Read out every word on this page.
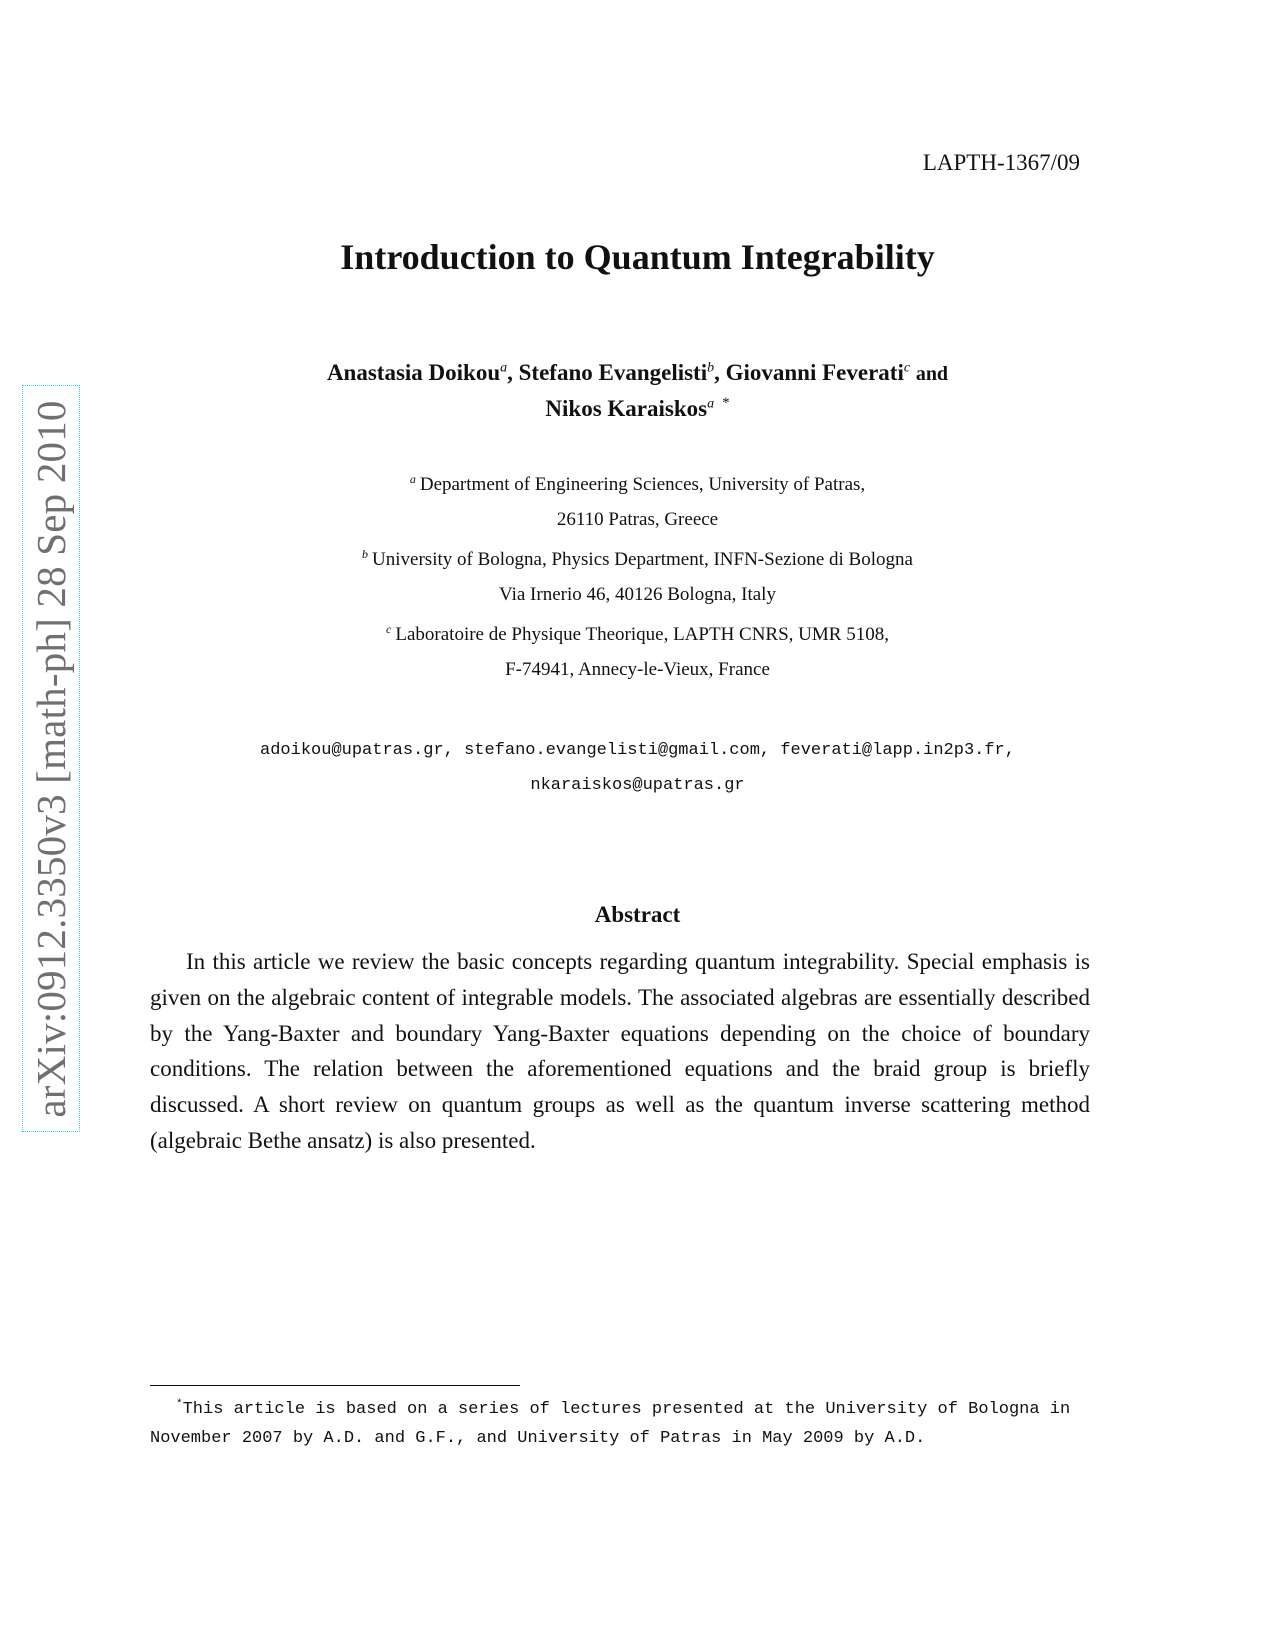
LAPTH-1367/09
Introduction to Quantum Integrability
Anastasia Doikou$^a$, Stefano Evangelisti$^b$, Giovanni Feverati$^c$ and
Nikos Karaiskos$^a$ *
$^a$ Department of Engineering Sciences, University of Patras,
26110 Patras, Greece
$^b$ University of Bologna, Physics Department, INFN-Sezione di Bologna
Via Irnerio 46, 40126 Bologna, Italy
$^c$ Laboratoire de Physique Theorique, LAPTH CNRS, UMR 5108,
F-74941, Annecy-le-Vieux, France
adoikou@upatras.gr, stefano.evangelisti@gmail.com, feverati@lapp.in2p3.fr,
nkaraiskos@upatras.gr
Abstract

In this article we review the basic concepts regarding quantum integrability. Special emphasis is given on the algebraic content of integrable models. The associated algebras are essentially described by the Yang-Baxter and boundary Yang-Baxter equations depending on the choice of boundary conditions. The relation between the aforementioned equations and the braid group is briefly discussed. A short review on quantum groups as well as the quantum inverse scattering method (algebraic Bethe ansatz) is also presented.

*This article is based on a series of lectures presented at the University of Bologna in November 2007 by A.D. and G.F., and University of Patras in May 2009 by A.D.

arXiv:0912.3350v3 [math-ph] 28 Sep 2010
